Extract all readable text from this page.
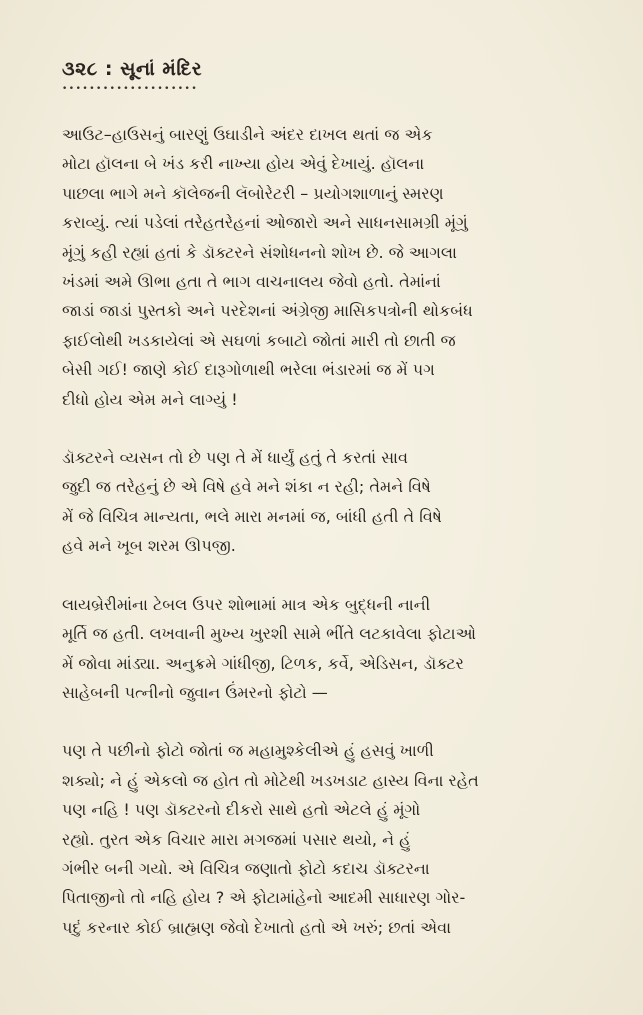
૩૨૮ : સૂનાં મંદિર
••••••••••••••••••••

આઉટ–હાઉસનું બારણું ઉઘાડીને અંદર દાખલ થતાં જ એક
મોટા હૉલના બે ખંડ કરી નાખ્યા હોય એવું દેખાયું. હૉલના
પાછલા ભાગે મને કૉલેજની લૅબોરેટરી – પ્રયોગશાળાનું સ્મરણ
કરાવ્યું. ત્યાં પડેલાં તરેહતરેહનાં ઓજારો અને સાધનસામગ્રી મૂંગું
મૂંગું કહી રહ્યાં હતાં કે ડૉક્ટરને સંશોધનનો શોખ છે. જે આગલા
ખંડમાં અમે ઊભા હતા તે ભાગ વાચનાલય જેવો હતો. તેમાંનાં
જાડાં જાડાં પુસ્તકો અને પરદેશનાં અંગ્રેજી માસિકપત્રોની થોકબંધ
ફાઈલોથી ખડકાયેલાં એ સઘળાં કબાટો જોતાં મારી તો છાતી જ
બેસી ગઈ! જાણે કોઈ દારૂગોળાથી ભરેલા ભંડારમાં જ મેં પગ
દીધો હોય એમ મને લાગ્યું !

ડૉક્ટરને વ્યસન તો છે પણ તે મેં ધાર્યું હતું તે કરતાં સાવ
જુદી જ તરેહનું છે એ વિષે હવે મને શંકા ન રહી; તેમને વિષે
મેં જે વિચિત્ર માન્યતા, ભલે મારા મનમાં જ, બાંધી હતી તે વિષે
હવે મને ખૂબ શરમ ઊપજી.

લાયબ્રેરીમાંના ટેબલ ઉપર શોભામાં માત્ર એક બુદ્ધની નાની
મૂર્તિ જ હતી. લખવાની મુખ્ય ખુરશી સામે ભીંતે લટકાવેલા ફોટાઓ
મેં જોવા માંડ્યા. અનુક્રમે ગાંધીજી, ટિળક, કર્વે, એડિસન, ડૉક્ટર
સાહેબની પત્નીનો જુવાન ઉંમરનો ફોટો —

પણ તે પછીનો ફોટો જોતાં જ મહામુશ્કેલીએ હું હસવું ખાળી
શક્યો; ને હું એકલો જ હોત તો મોટેથી ખડખડાટ હાસ્ય વિના રહેત
પણ નહિ ! પણ ડૉક્ટરનો દીકરો સાથે હતો એટલે હું મૂંગો
રહ્યો. તુરત એક વિચાર મારા મગજમાં પસાર થયો, ને હું
ગંભીર બની ગયો. એ વિચિત્ર જણાતો ફોટો કદાચ ડૉક્ટરના
પિતાજીનો તો નહિ હોય ? એ ફોટામાંહેનો આદમી સાધારણ ગોર-
પદું કરનાર કોઈ બ્રાહ્મણ જેવો દેખાતો હતો એ ખરું; છતાં એવા
